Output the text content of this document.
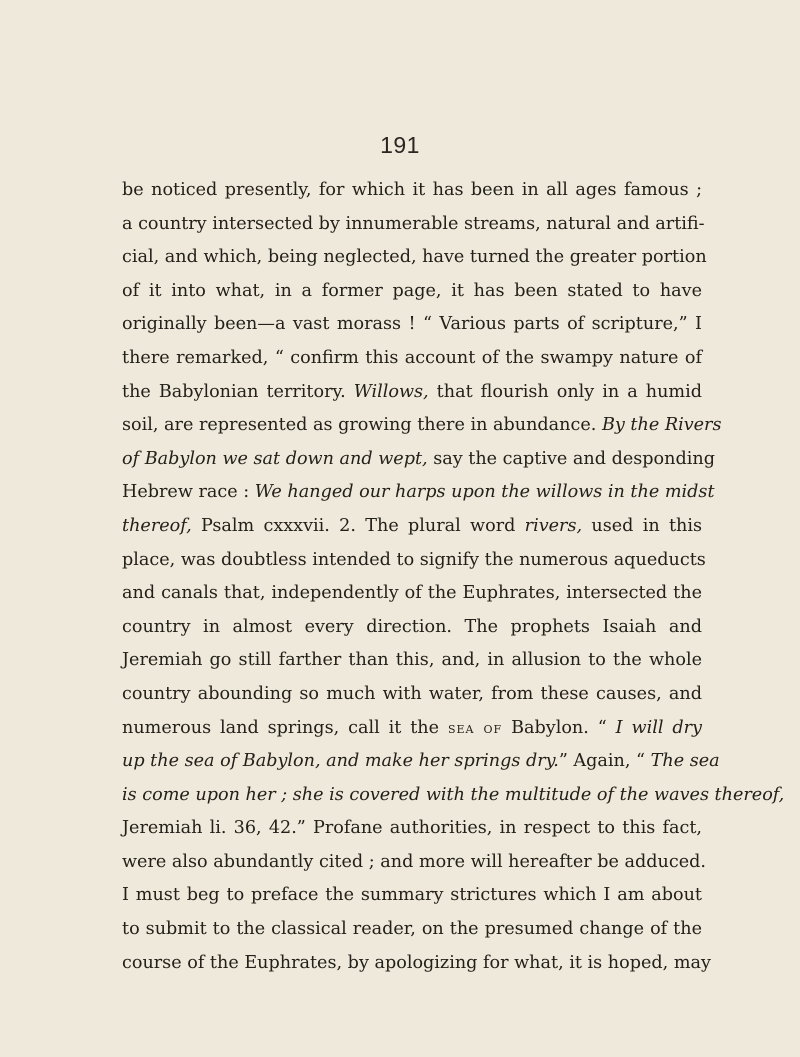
191
be noticed presently, for which it has been in all ages famous ;
a country intersected by innumerable streams, natural and artifi-
cial, and which, being neglected, have turned the greater portion
of it into what, in a former page, it has been stated to have
originally been—a vast morass ! “ Various parts of scripture,” I
there remarked, “ confirm this account of the swampy nature of
the Babylonian territory. Willows, that flourish only in a humid
soil, are represented as growing there in abundance. By the Rivers
of Babylon we sat down and wept, say the captive and desponding
Hebrew race : We hanged our harps upon the willows in the midst
thereof, Psalm cxxxvii. 2. The plural word rivers, used in this
place, was doubtless intended to signify the numerous aqueducts
and canals that, independently of the Euphrates, intersected the
country in almost every direction. The prophets Isaiah and
Jeremiah go still farther than this, and, in allusion to the whole
country abounding so much with water, from these causes, and
numerous land springs, call it the sea of Babylon. “ I will dry
up the sea of Babylon, and make her springs dry.” Again, “ The sea
is come upon her ; she is covered with the multitude of the waves thereof,
Jeremiah li. 36, 42.” Profane authorities, in respect to this fact,
were also abundantly cited ; and more will hereafter be adduced.
I must beg to preface the summary strictures which I am about
to submit to the classical reader, on the presumed change of the
course of the Euphrates, by apologizing for what, it is hoped, may
